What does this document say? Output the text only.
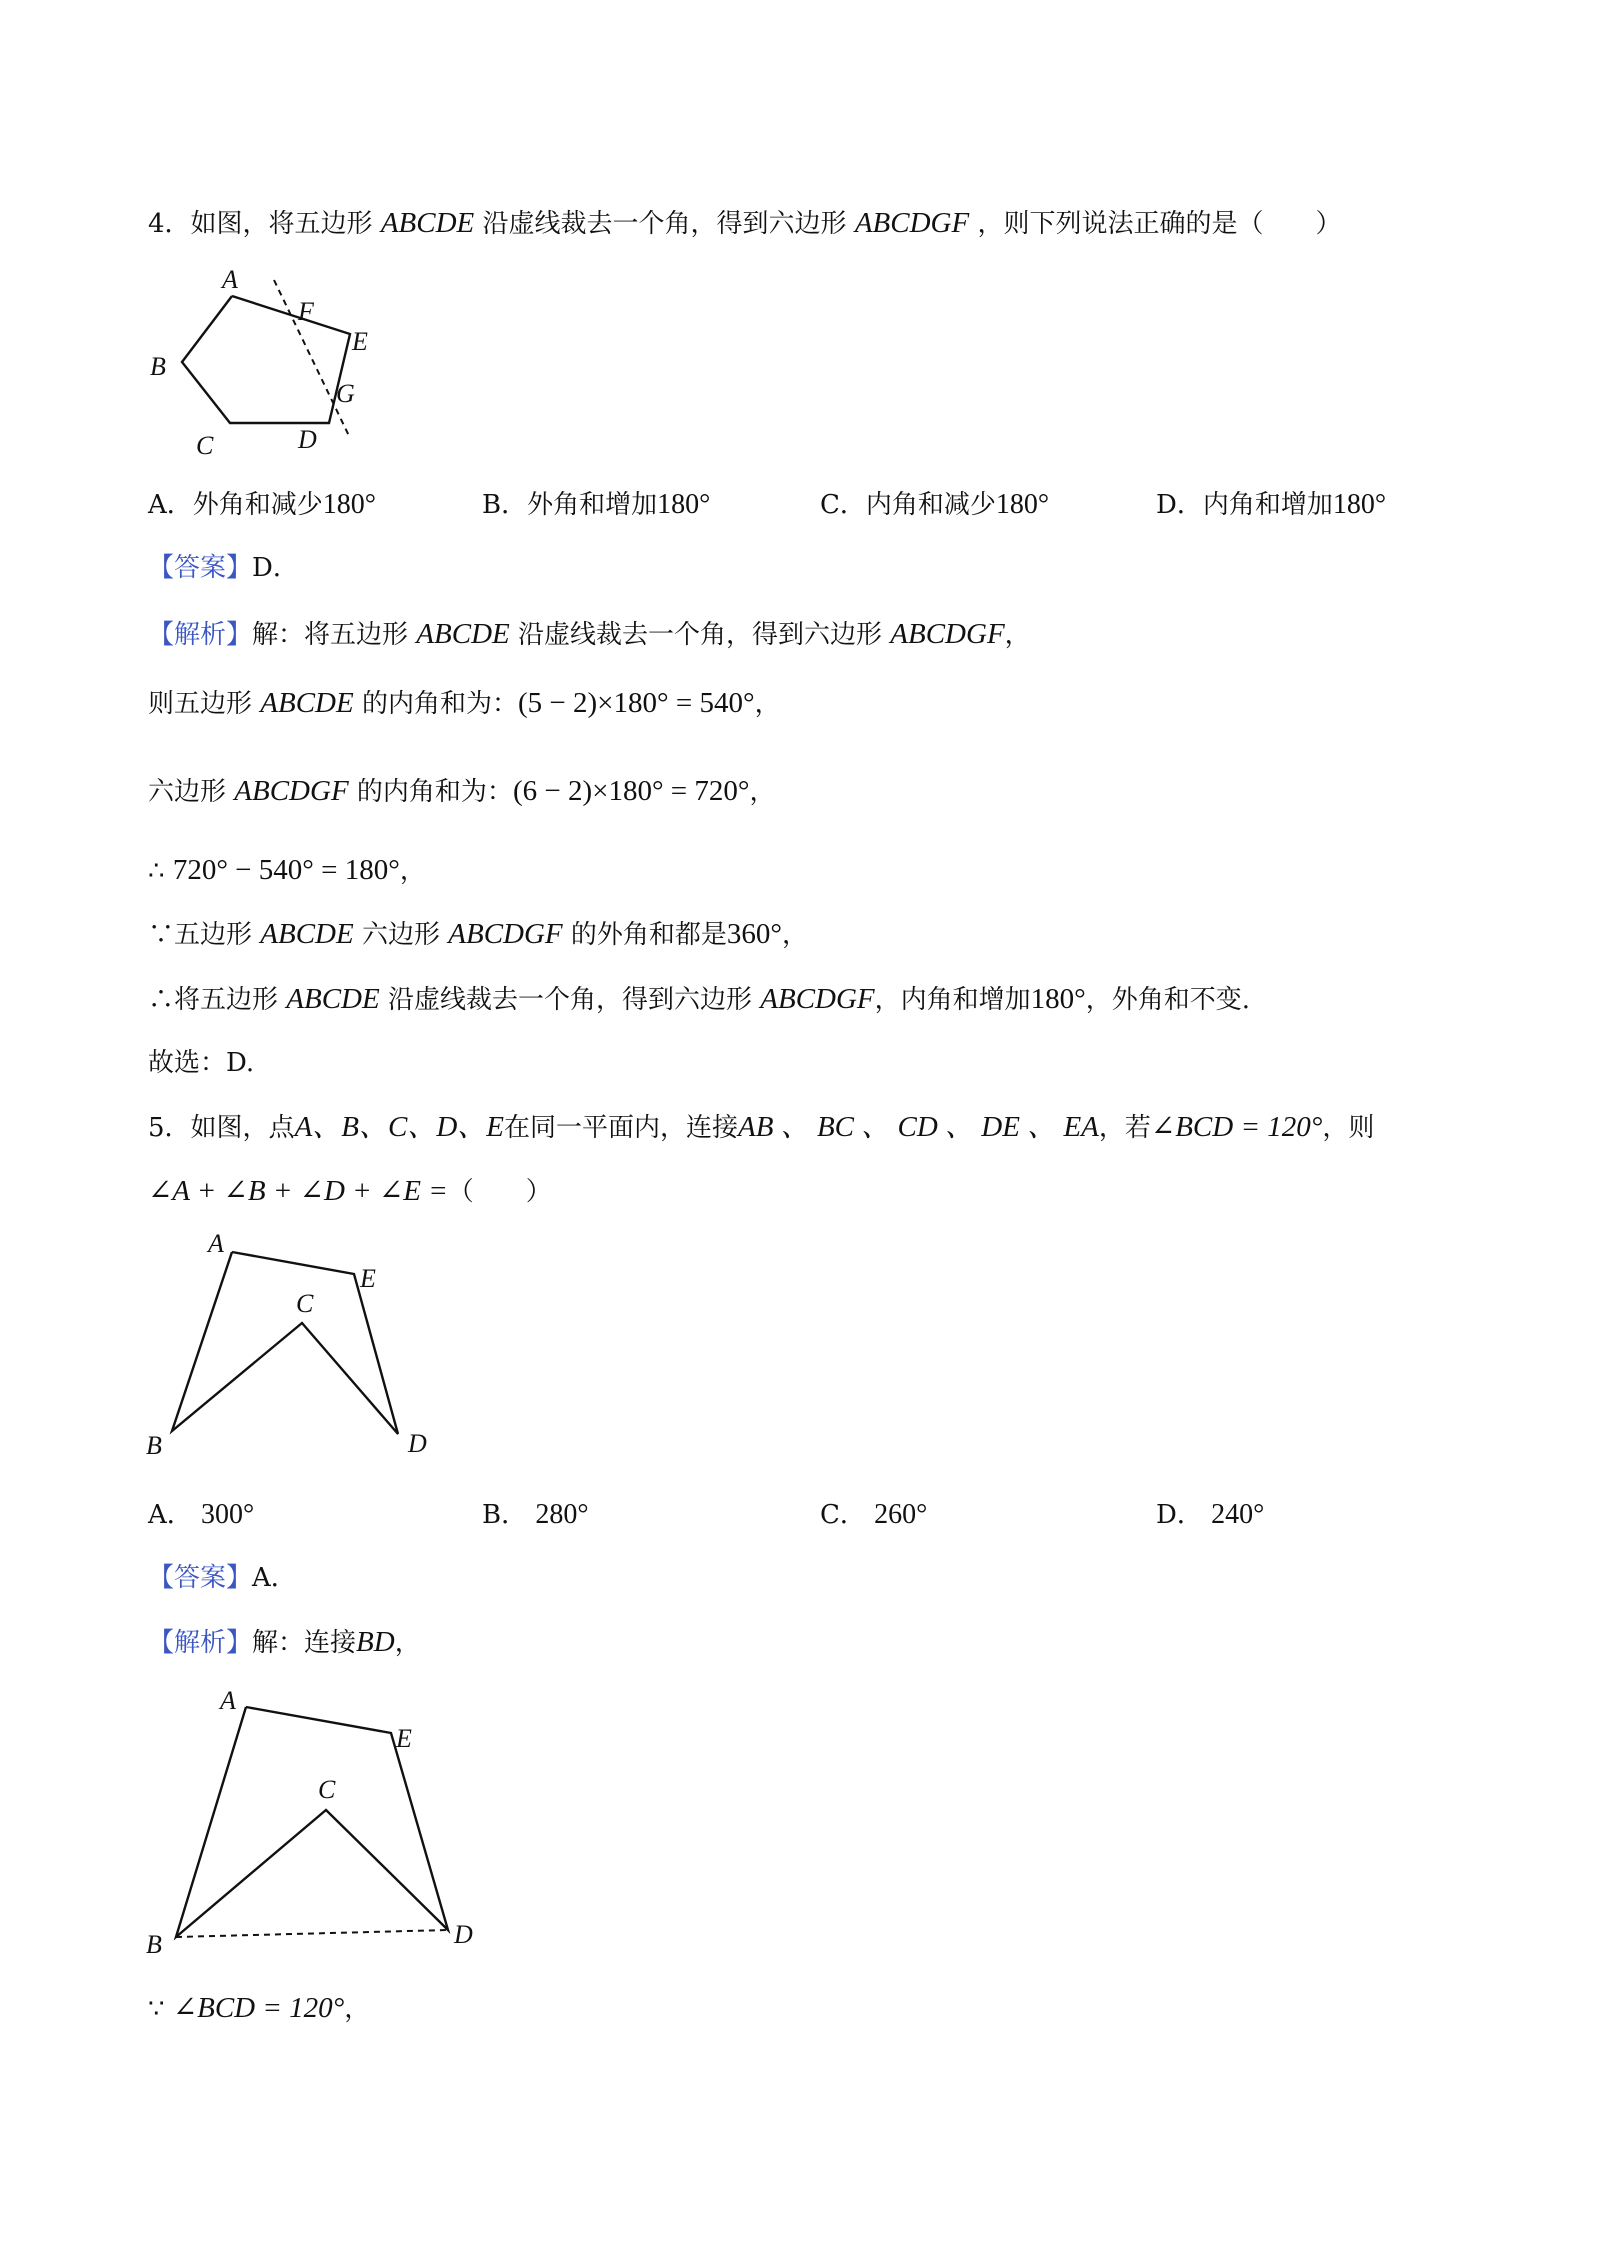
4．如图，将五边形 ABCDE 沿虚线裁去一个角，得到六边形 ABCDGF ，则下列说法正确的是（　　）
A
B
C	D
E
F
G
A．外角和减少180°	B．外角和增加180°	C．内角和减少180°	D．内角和增加180°
【答案】D．
【解析】解：将五边形 ABCDE 沿虚线裁去一个角，得到六边形 ABCDGF，
则五边形 ABCDE 的内角和为：(5 − 2)×180° = 540°，
六边形 ABCDGF 的内角和为：(6 − 2)×180° = 720°，
∴ 720° − 540° = 180°，
∵五边形 ABCDE 六边形 ABCDGF 的外角和都是360°，
∴将五边形 ABCDE 沿虚线裁去一个角，得到六边形 ABCDGF，内角和增加180°，外角和不变.
故选：D.
5．如图，点A、B、C、D、E在同一平面内，连接AB 、 BC 、 CD 、 DE 、 EA，若∠BCD = 120°，则
∠A + ∠B + ∠D + ∠E =（　　）
A
E
C
B	D
A． 300°	B． 280°	C． 260°	D． 240°
【答案】A．
【解析】解：连接BD，
A
E
C
B	D
∵ ∠BCD = 120°，
